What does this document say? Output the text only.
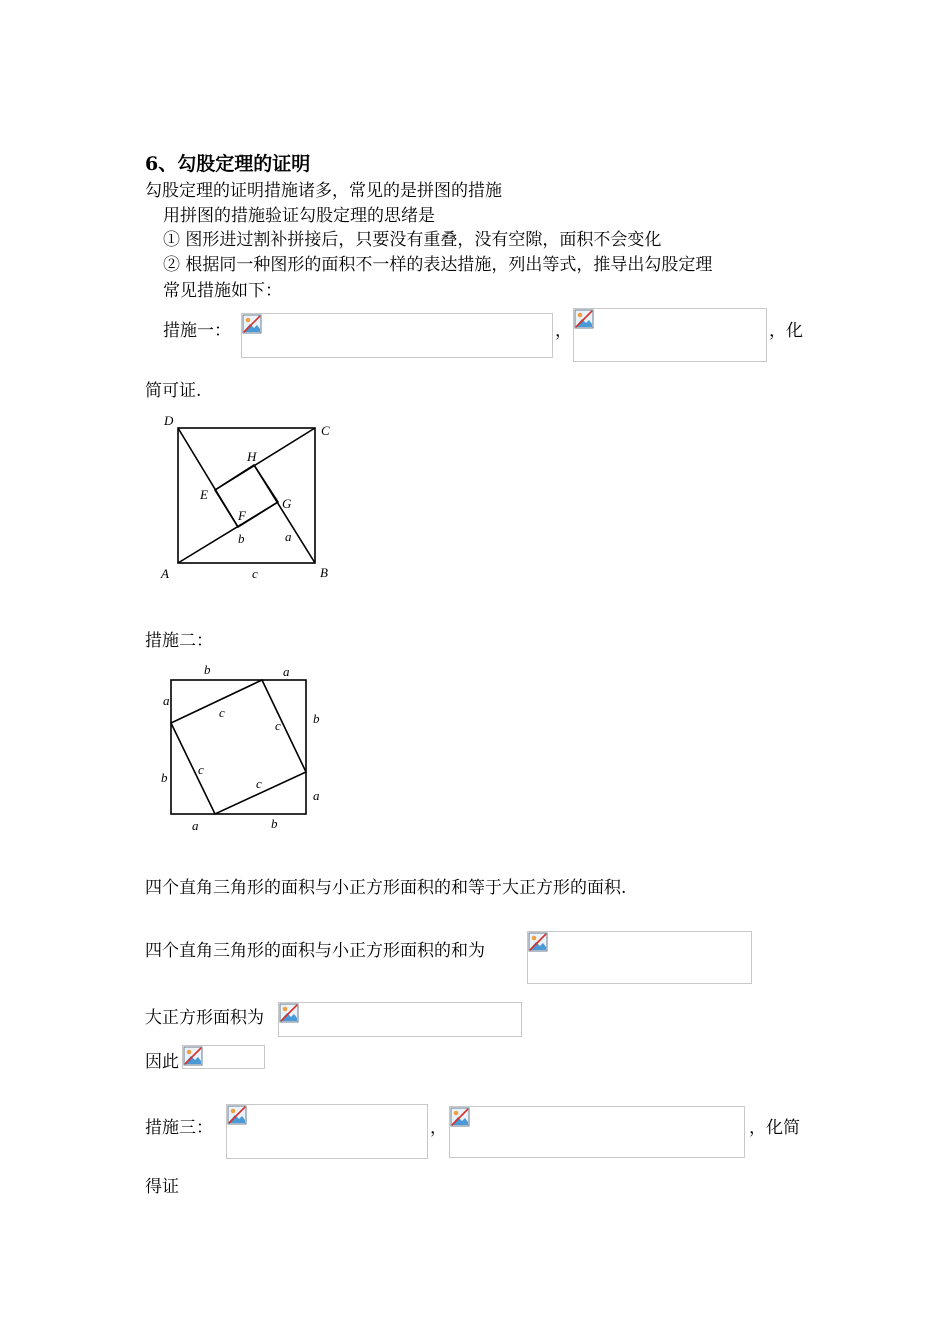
6、勾股定理的证明
勾股定理的证明措施诸多，常见的是拼图的措施
用拼图的措施验证勾股定理的思绪是
① 图形进过割补拼接后，只要没有重叠，没有空隙，面积不会变化
② 根据同一种图形的面积不一样的表达措施，列出等式，推导出勾股定理
常见措施如下：
措施一：	，	，化
简可证.
D
C
H
E
G
F
b	a
A	c	B
措施二：
b	a
a
b
b
a
a	b
c
c
c
c
四个直角三角形的面积与小正方形面积的和等于大正方形的面积.
四个直角三角形的面积与小正方形面积的和为
大正方形面积为
因此
措施三：	，	，化简
得证
